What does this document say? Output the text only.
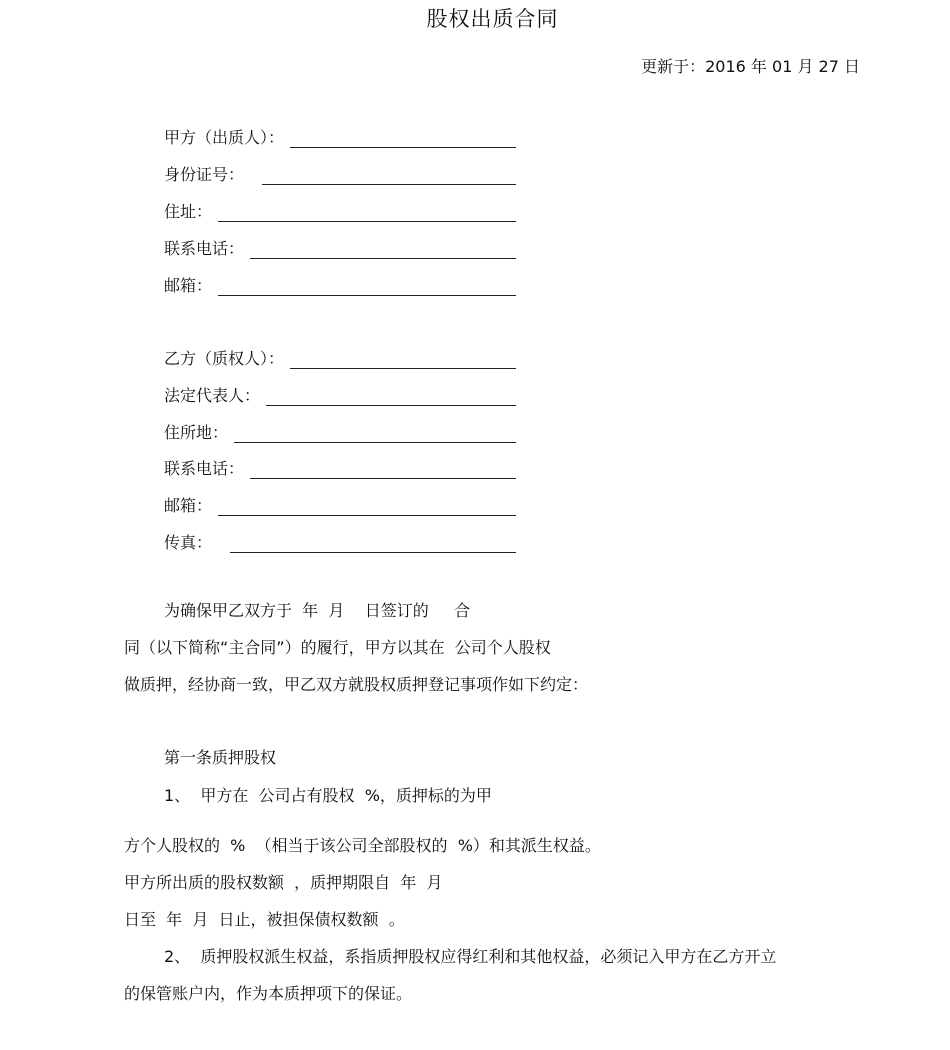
股权出质合同
更新于：2016 年 01 月 27 日
甲方（出质人）：
身份证号：
住址：
联系电话：
邮箱：
乙方（质权人）：
法定代表人：
住所地：
联系电话：
邮箱：
传真：
为确保甲乙双方于  年  月    日签订的     合
同（以下简称“主合同”）的履行，甲方以其在  公司个人股权
做质押，经协商一致，甲乙双方就股权质押登记事项作如下约定：
第一条质押股权
1、  甲方在  公司占有股权  %，质押标的为甲
方个人股权的  %  （相当于该公司全部股权的  %）和其派生权益。
甲方所出质的股权数额  ，质押期限自  年  月
日至  年  月  日止，被担保债权数额  。
2、  质押股权派生权益，系指质押股权应得红利和其他权益，必须记入甲方在乙方开立
的保管账户内，作为本质押项下的保证。
